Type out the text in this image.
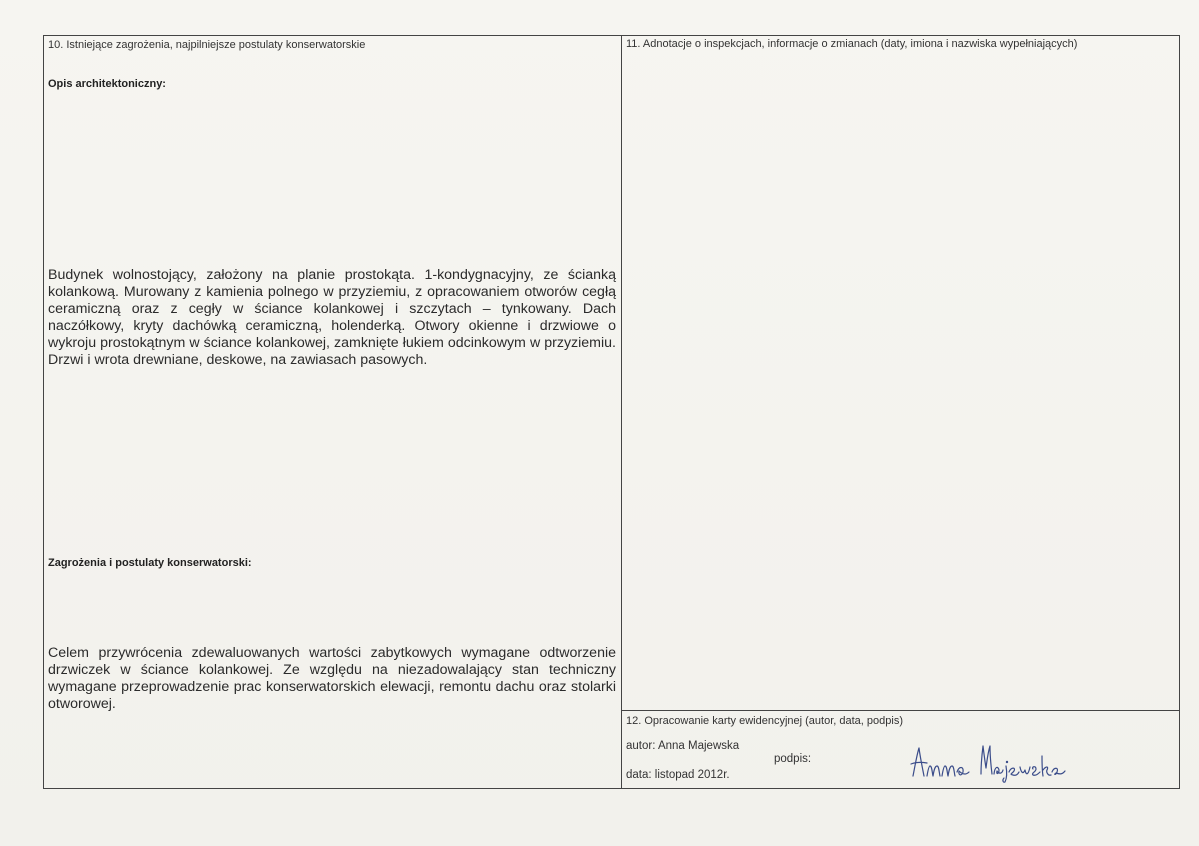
10. Istniejące zagrożenia, najpilniejsze postulaty konserwatorskie
Opis architektoniczny:
Budynek wolnostojący, założony na planie prostokąta. 1-kondygnacyjny, ze ścianką kolankową. Murowany z kamienia polnego w przyziemiu, z opracowaniem otworów cegłą ceramiczną oraz z cegły w ściance kolankowej i szczytach – tynkowany. Dach naczółkowy, kryty dachówką ceramiczną, holenderką. Otwory okienne i drzwiowe o wykroju prostokątnym w ściance kolankowej, zamknięte łukiem odcinkowym w przyziemiu. Drzwi i wrota drewniane, deskowe, na zawiasach pasowych.
Zagrożenia i postulaty konserwatorski:
Celem przywrócenia zdewaluowanych wartości zabytkowych wymagane odtworzenie drzwiczek w ściance kolankowej. Ze względu na niezadowalający stan techniczny wymagane przeprowadzenie prac konserwatorskich elewacji, remontu dachu oraz stolarki otworowej.
11. Adnotacje o inspekcjach, informacje o zmianach (daty, imiona i nazwiska wypełniających)
12. Opracowanie karty ewidencyjnej (autor, data, podpis)
autor: Anna Majewska
podpis:
data: listopad 2012r.
